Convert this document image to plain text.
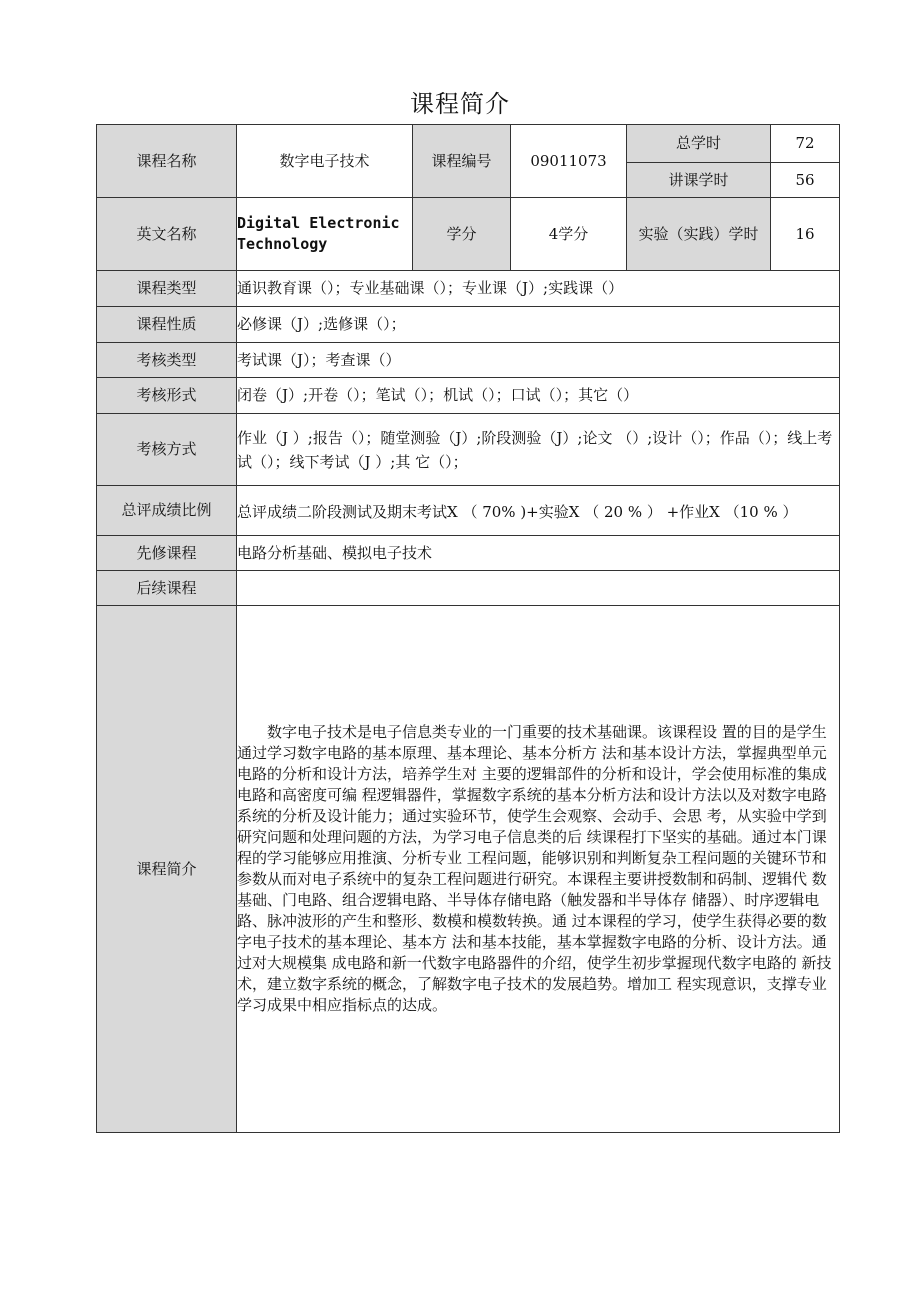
课程简介
课程名称	数字电子技术	课程编号	09011073	总学时	72
				讲课学时	56
英文名称	Digital Electronic Technology	学分	4学分	实验（实践）学时	16
课程类型	通识教育课（）；专业基础课（）；专业课（J）;实践课（）				
课程性质	必修课（J）;选修课（）；				
考核类型	考试课（J）；考查课（）				
考核形式	闭卷（J）;开卷（）；笔试（）；机试（）；口试（）；其它（）				
考核方式	作业（J ）;报告（）；随堂测验（J）;阶段测验（J）;论文 （）;设计（）；作品（）；线上考试（）；线下考试（J ）;其 它（）；				
总评成绩比例	总评成绩二阶段测试及期末考试X （ 70% )+实验X （ 20 % ） +作业X （10 % ）				
先修课程	电路分析基础、模拟电子技术				
后续课程					
课程简介	数字电子技术是电子信息类专业的一门重要的技术基础课。该课程设 置的目的是学生通过学习数字电路的基本原理、基本理论、基本分析方 法和基本设计方法，掌握典型单元电路的分析和设计方法，培养学生对 主要的逻辑部件的分析和设计，学会使用标准的集成电路和高密度可编 程逻辑器件，掌握数字系统的基本分析方法和设计方法以及对数字电路 系统的分析及设计能力；通过实验环节，使学生会观察、会动手、会思 考，从实验中学到研究问题和处理问题的方法，为学习电子信息类的后 续课程打下坚实的基础。通过本门课程的学习能够应用推演、分析专业 工程问题，能够识别和判断复杂工程问题的关键环节和参数从而对电子系统中的复杂工程问题进行研究。本课程主要讲授数制和码制、逻辑代 数基础、门电路、组合逻辑电路、半导体存储电路（触发器和半导体存 储器）、时序逻辑电路、脉冲波形的产生和整形、数模和模数转换。通 过本课程的学习，使学生获得必要的数字电子技术的基本理论、基本方 法和基本技能，基本掌握数字电路的分析、设计方法。通过对大规模集 成电路和新一代数字电路器件的介绍，使学生初步掌握现代数字电路的 新技术，建立数字系统的概念，了解数字电子技术的发展趋势。增加工 程实现意识，支撑专业学习成果中相应指标点的达成。				
